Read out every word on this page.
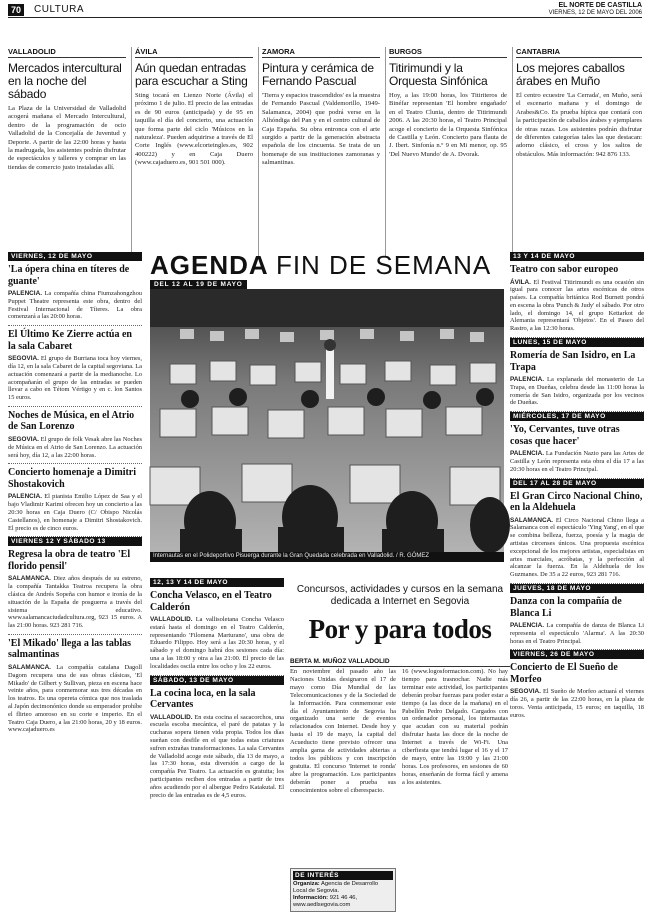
70	CULTURA	EL NORTE DE CASTILLA
VIERNES, 12 DE MAYO DEL 2006
VALLADOLID
Mercados intercultural en la noche del sábado
La Plaza de la Universidad de Valladolid acogerá mañana el Mercado Intercultural, dentro de la programación de ocio Valladolid de la Concejalía de Juventud y Deporte. A partir de las 22:00 horas y hasta la madrugada, los asistentes podrán disfrutar de espectáculos y talleres y comprar en las tiendas de comercio justo instaladas allí.
ÁVILA
Aún quedan entradas para escuchar a Sting
Sting tocará en Lienzo Norte (Ávila) el próximo 1 de julio. El precio de las entradas es de 90 euros (anticipada) y de 95 en taquilla el día del concierto, una actuación que forma parte del ciclo 'Músicos en la naturaleza'. Pueden adquirirse a través de El Corte Inglés (www.elcorteingles.es, 902 400222) y en Caja Duero (www.cajaduero.es, 901 501 000).
ZAMORA
Pintura y cerámica de Fernando Pascual
'Tierra y espacios trascendidos' es la muestra de Fernando Pascual (Valdemorillo, 1949-Salamanca, 2004) que podrá verse en la Alhóndiga del Pan y en el centro cultural de Caja España. Su obra entronca con el arte surgido a partir de la generación abstracta española de los cincuenta. Se trata de un homenaje de sus instituciones zamoranas y salmantinas.
BURGOS
Titirimundi y la Orquesta Sinfónica
Hoy, a las 19:00 horas, los Titiriteros de Binéfar representan 'El hombre engañado' en el Teatro Clunia, dentro de Titirimundi 2006. A las 20:30 horas, el Teatro Principal acoge el concierto de la Orquesta Sinfónica de Castilla y León. Concierto para flauta de J. Ibert. Sinfonía n.º 9 en Mi menor, op. 95 'Del Nuevo Mundo' de A. Dvorak.
CANTABRIA
Los mejores caballos árabes en Muño
El centro ecuestre 'La Cerrada', en Muño, será el escenario mañana y el domingo de Arabes&Co. Es prueba hípica que contará con la participación de caballos árabes y ejemplares de otras razas. Los asistentes podrán disfrutar de diferentes categorías tales las que destacan: adorno clásico, el cross y los saltos de obstáculos. Más información: 942 876 133.
AGENDA FIN DE SEMANA
DEL 12 AL 19 DE MAYO
Internautas en el Polideportivo Pisuerga durante la Gran Quedada celebrada en Valladolid. / R. GÓMEZ
VIERNES, 12 DE MAYO
'La ópera china en títeres de guante'
PALENCIA. La compañía china Fiumzahongzhou Puppet Theatre representa este obra, dentro del Festival Internacional de Títeres. La obra comenzará a las 20:00 horas.
El Último Ke Zierre actúa en la sala Cabaret
SEGOVIA. El grupo de Burriana toca hoy viernes, día 12, en la sala Cabaret de la capital segoviana. La actuación comenzará a partir de la medianoche. Lo acompañarán el grupo de las entradas se pueden llevar a cabo en Tétom Vértigo y en c. lon Santos 15 euros.
Noches de Música, en el Atrio de San Lorenzo
SEGOVIA. El grupo de folk Vesak abre las Noches de Música en el Atrio de San Lorenzo. La actuación será hoy, día 12, a las 22:00 horas.
Concierto homenaje a Dimitri Shostakovich
PALENCIA. El pianista Emilio López de Saa y el bajo Vladimir Karimi ofrecen hoy un concierto a las 20:30 horas en Caja Duero (C/ Obispo Nicolás Castellanos), en homenaje a Dimitri Shostakovich. El precio es de cinco euros.
VIERNES 12 Y SÁBADO 13
Regresa la obra de teatro 'El florido pensil'
SALAMANCA. Diez años después de su estreno, la compañía Tantakka Teatroa recupera la obra clásica de Andrés Sopeña con humor e ironía de la situación de la España de posguerra a través del sistema educativo. www.salamancaciudadcultura.org, 923 15 euros. A las 21:00 horas. 923 281 716.
'El Mikado' llega a las tablas salmantinas
SALAMANCA. La compañía catalana Dagoll Dagom recupera una de sus obras clásicas, 'El Mikado' de Gilbert y Sullivan, pieza en escena hace veinte años, para conmemorar sus tres décadas en los teatros. Es una opereta cómica que nos traslada al Japón decimonónico donde su emperador prohíbe el flirteo amoroso en su corte e imperio. En el Teatro Caja Duero, a las 21:00 horas, 20 y 18 euros. www.cajaduero.es
12, 13 Y 14 DE MAYO
Concha Velasco, en el Teatro Calderón
VALLADOLID. La vallisoletana Concha Velasco estará hasta el domingo en el Teatro Calderón, representando 'Filomena Marturano', una obra de Eduardo Filippo. Hoy será a las 20:30 horas, y el sábado y el domingo habrá dos sesiones cada día: una a las 18:00 y otra a las 21:00. El precio de las localidades oscila entre los ocho y los 22 euros.
SÁBADO, 13 DE MAYO
La cocina loca, en la sala Cervantes
VALLADOLID. En esta cocina el sacacorchos, una escuela escoba mecánica, el paré de patatas y la cucharas sopera tienen vida propia. Todos los días sueñan con desfile en el que todas estas criaturas sufren extrañas transformaciones. La sala Cervantes de Valladolid acoge este sábado, día 13 de mayo, a las 17:30 horas, esta diversión a cargo de la compañía Pez Teatro. La actuación es gratuita; los participantes reciben dos entradas a partir de tres años acudiendo por el albergue Pedro Katakutal. El precio de las entradas es de 4,5 euros.
Concursos, actividades y cursos en la semana dedicada a Internet en Segovia
Por y para todos
BERTA M. MUÑOZ VALLADOLID
En noviembre del pasado año las Naciones Unidas designaron el 17 de mayo como Día Mundial de las Telecomunicaciones y de la Sociedad de la Información. Para conmemorar este día el Ayuntamiento de Segovia ha organizado una serie de eventos relacionados con Internet. Desde hoy y hasta el 19 de mayo, la capital del Acueducto tiene previsto ofrecer una amplia gama de actividades abiertas a todos los públicos y con inscripción gratuita. El concurso 'Internet te ronda' abre la programación. Los participantes deberán poner a prueba sus conocimientos sobre el ciberespacio.
16 (www.logosformacion.com). No hay tiempo para trasnochar. Nadie más terminar este actividad, los participantes deberán probar fuerzas para poder estar a tiempo (a las doce de la mañana) en el Pabellón Pedro Delgado. Cargados con un ordenador personal, los internautas que acudan con su material podrán disfrutar hasta las doce de la noche de Internet a través de Wi-Fi. Una ciberfiesta que tendrá lugar el 16 y el 17 de mayo, entre las 19:00 y las 21:00 horas. Los profesores, en sesiones de 60 horas, enseñarán de forma fácil y amena a los asistentes.
DE INTERÉS
Organiza: Agencia de Desarrollo Local de Segovia.
Información: 921 46 46, www.aedlsegovia.com
13 Y 14 DE MAYO
Teatro con sabor europeo
ÁVILA. El Festival Titirimundi es una ocasión sin igual para conocer las artes escénicas de otros países. La compañía británica Rod Burnett pondrá en escena la obra 'Punch & Judy' el sábado. Por otro lado, el domingo 14, el grupo Kettarkot de Alemania representará 'Objetos'. En el Paseo del Rastro, a las 12:30 horas.
LUNES, 15 DE MAYO
Romería de San Isidro, en La Trapa
PALENCIA. La explanada del monasterio de La Trapa, en Dueñas, celebra desde las 11:00 horas la romería de San Isidro, organizada por los vecinos de Dueñas.
MIÉRCOLES, 17 DE MAYO
'Yo, Cervantes, tuve otras cosas que hacer'
PALENCIA. La Fundación Nazio para las Artes de Castilla y León representa esta obra el día 17 a las 20:30 horas en el Teatro Principal.
DEL 17 AL 28 DE MAYO
El Gran Circo Nacional Chino, en la Aldehuela
SALAMANCA. El Circo Nacional Chino llega a Salamanca con el espectáculo 'Ying Yang', en el que se combina belleza, fuerza, poesía y la magia de artistas circenses únicos. Una propuesta escénica excepcional de los mejores artistas, especialistas en artes marciales, acróbatas, y la perfección al alcanzar la fuerza. En la Aldehuela de los Guzmanes. De 35 a 22 euros, 923 281 716.
JUEVES, 18 DE MAYO
Danza con la compañía de Blanca Li
PALENCIA. La compañía de danza de Blanca Li representa el espectáculo 'Alarma'. A las 20:30 horas en el Teatro Principal.
VIERNES, 26 DE MAYO
Concierto de El Sueño de Morfeo
SEGOVIA. El Sueño de Morfeo actuará el viernes día 26, a partir de las 22:00 horas, en la plaza de toros. Venta anticipada, 15 euros; en taquilla, 18 euros.
